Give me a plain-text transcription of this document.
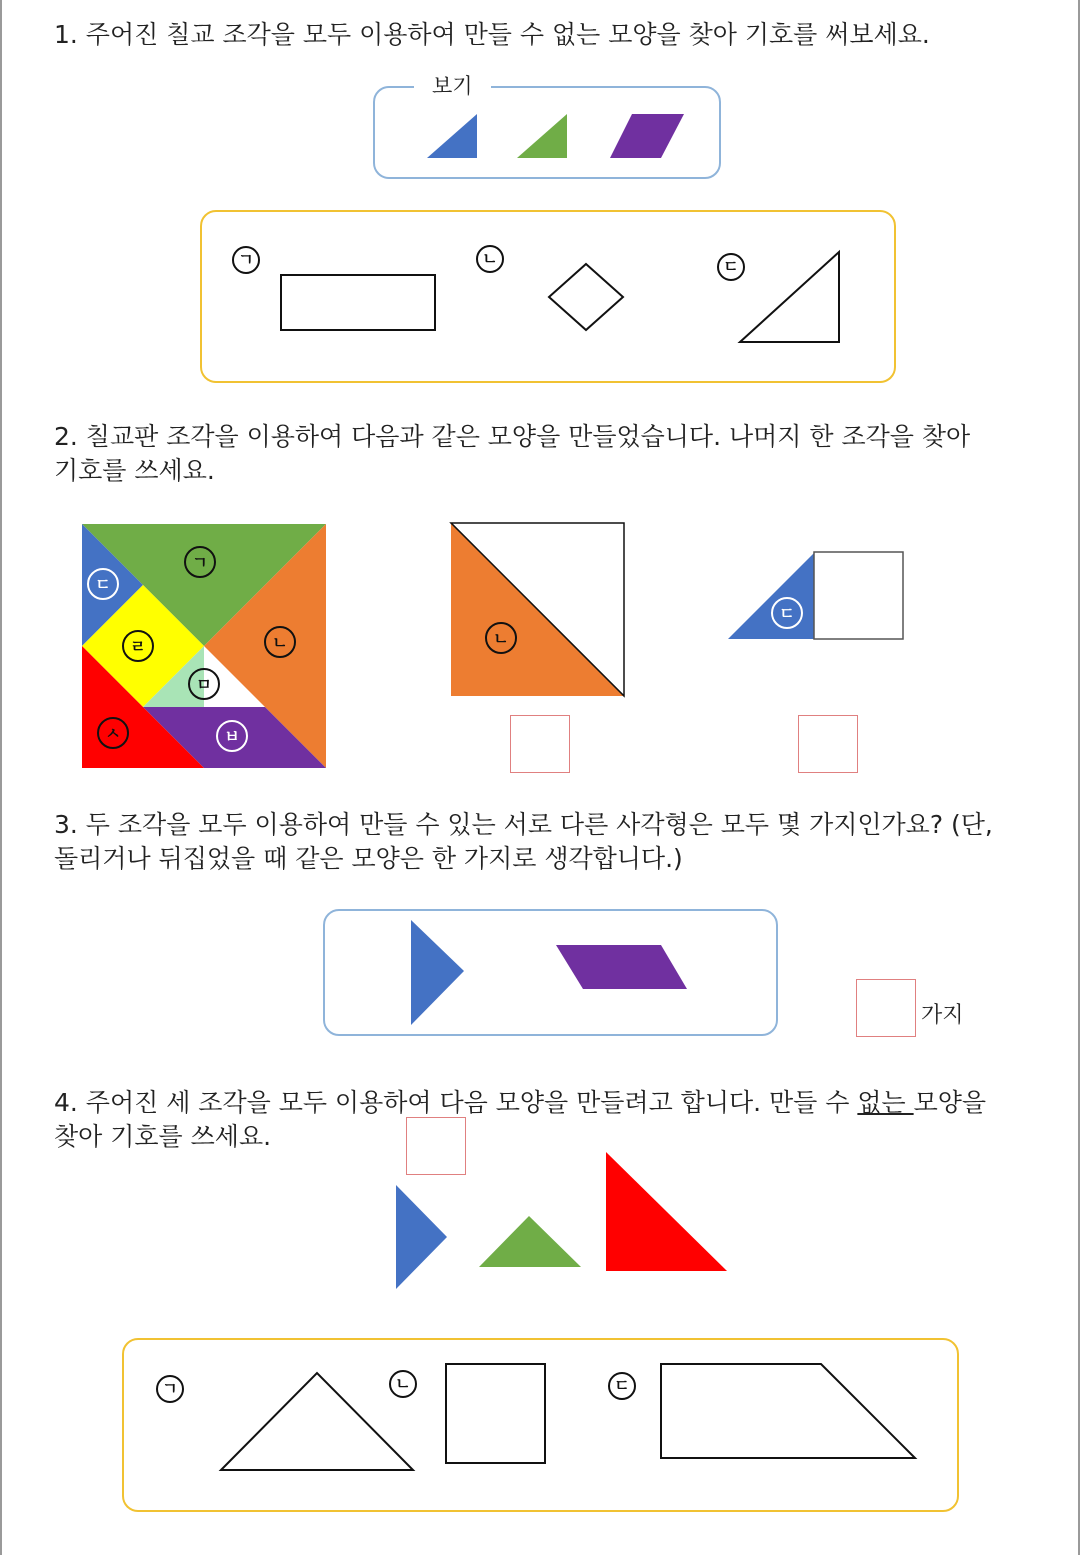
1. 주어진 칠교 조각을 모두 이용하여 만들 수 없는 모양을 찾아 기호를 써보세요.

보기
ㄱ	ㄴ	ㄷ

2. 칠교판 조각을 이용하여 다음과 같은 모양을 만들었습니다. 나머지 한 조각을 찾아

기호를 쓰세요.

ㄱ
ㄴ
ㄷ
ㄹ
ㅁ
ㅂ
ㅅ
ㄴ
ㄷ

3. 두 조각을 모두 이용하여 만들 수 있는 서로 다른 사각형은 모두 몇 가지인가요? (단,

돌리거나 뒤집었을 때 같은 모양은 한 가지로 생각합니다.)

가지

4. 주어진 세 조각을 모두 이용하여 다음 모양을 만들려고 합니다. 만들 수 없는 모양을

찾아 기호를 쓰세요.

ㄱ	ㄴ	ㄷ
